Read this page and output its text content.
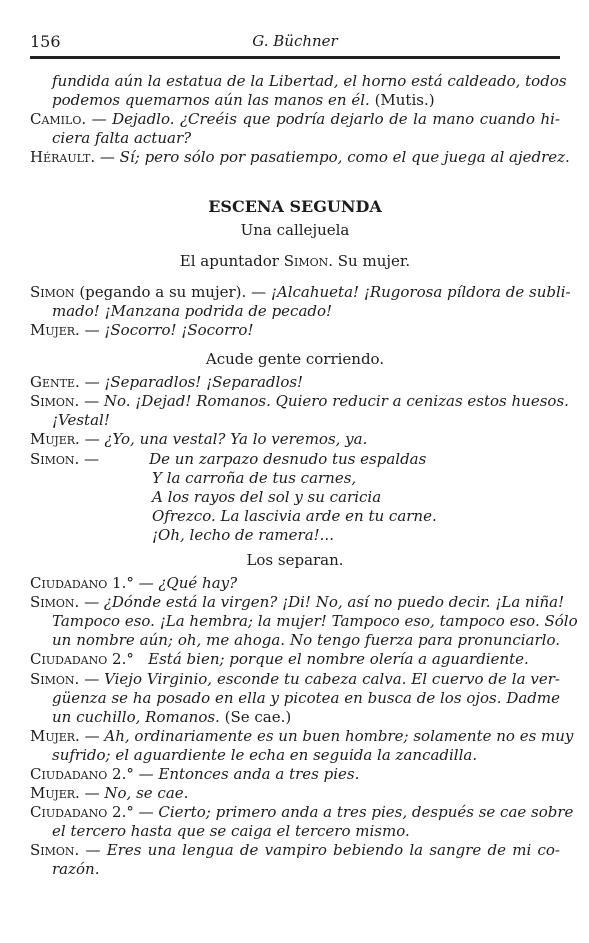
156	G. Büchner
fundida aún la estatua de la Libertad, el horno está caldeado, todos
podemos quemarnos aún las manos en él. (Mutis.)
Camilo. — Dejadlo. ¿Creéis que podría dejarlo de la mano cuando hi-
ciera falta actuar?
Hérault. — Sí; pero sólo por pasatiempo, como el que juega al ajedrez.
ESCENA SEGUNDA
Una callejuela
El apuntador Simon. Su mujer.
Simon (pegando a su mujer). — ¡Alcahueta! ¡Rugorosa píldora de subli-
mado! ¡Manzana podrida de pecado!
Mujer. — ¡Socorro! ¡Socorro!
Acude gente corriendo.
Gente. — ¡Separadlos! ¡Separadlos!
Simon. — No. ¡Dejad! Romanos. Quiero reducir a cenizas estos huesos.
¡Vestal!
Mujer. — ¿Yo, una vestal? Ya lo veremos, ya.
Simon. —	De un zarpazo desnudo tus espaldas
Y la carroña de tus carnes,
A los rayos del sol y su caricia
Ofrezco. La lascivia arde en tu carne.
¡Oh, lecho de ramera!...
Los separan.
Ciudadano 1.° — ¿Qué hay?
Simon. — ¿Dónde está la virgen? ¡Di! No, así no puedo decir. ¡La niña!
Tampoco eso. ¡La hembra; la mujer! Tampoco eso, tampoco eso. Sólo
un nombre aún; oh, me ahoga. No tengo fuerza para pronunciarlo.
Ciudadano 2.° Está bien; porque el nombre olería a aguardiente.
Simon. — Viejo Virginio, esconde tu cabeza calva. El cuervo de la ver-
güenza se ha posado en ella y picotea en busca de los ojos. Dadme
un cuchillo, Romanos. (Se cae.)
Mujer. — Ah, ordinariamente es un buen hombre; solamente no es muy
sufrido; el aguardiente le echa en seguida la zancadilla.
Ciudadano 2.° — Entonces anda a tres pies.
Mujer. — No, se cae.
Ciudadano 2.° — Cierto; primero anda a tres pies, después se cae sobre
el tercero hasta que se caiga el tercero mismo.
Simon. — Eres una lengua de vampiro bebiendo la sangre de mi co-
razón.
